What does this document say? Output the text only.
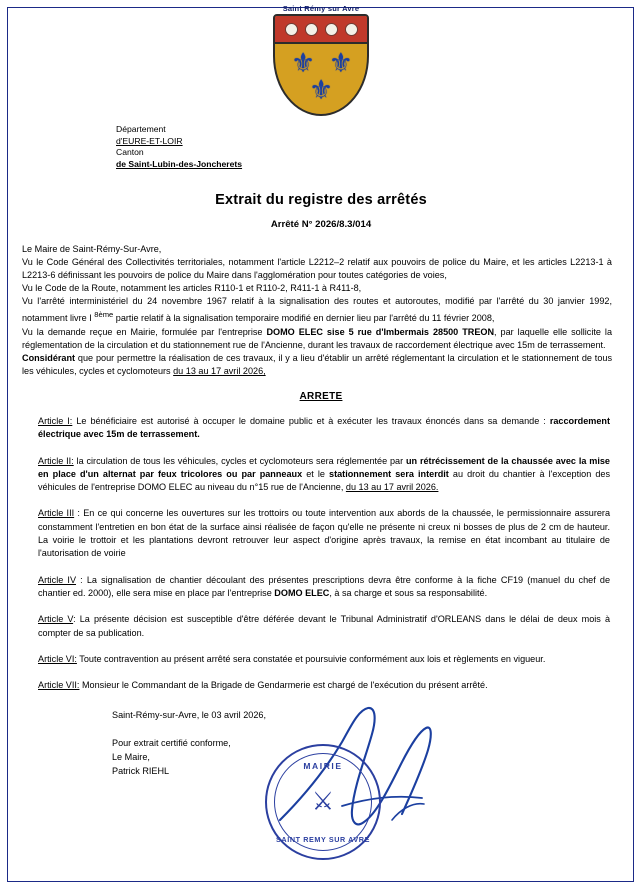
Saint Rémy sur Avre
⚜ ⚜
⚜
Département
d'EURE-ET-LOIR
Canton
de Saint-Lubin-des-Joncherets
Extrait du registre des arrêtés
Arrêté N° 2026/8.3/014

Le Maire de Saint-Rémy-Sur-Avre,

Vu le Code Général des Collectivités territoriales, notamment l'article L2212–2 relatif aux pouvoirs de police du Maire, et les articles L2213-1 à L2213-6 définissant les pouvoirs de police du Maire dans l'agglomération pour toutes catégories de voies,

Vu le Code de la Route, notamment les articles R110-1 et R110-2, R411-1 à R411-8,

Vu l'arrêté interministériel du 24 novembre 1967 relatif à la signalisation des routes et autoroutes, modifié par l'arrêté du 30 janvier 1992, notamment livre I $^{8ème}$ partie relatif à la signalisation temporaire modifié en dernier lieu par l'arrêté du 11 février 2008,

Vu la demande reçue en Mairie, formulée par l'entreprise DOMO ELEC sise 5 rue d'Imbermais 28500 TREON, par laquelle elle sollicite la réglementation de la circulation et du stationnement rue de l'Ancienne, durant les travaux de raccordement électrique avec 15m de terrassement.

Considérant que pour permettre la réalisation de ces travaux, il y a lieu d'établir un arrêté réglementant la circulation et le stationnement de tous les véhicules, cycles et cyclomoteurs du 13 au 17 avril 2026,

ARRETE
Article I: Le bénéficiaire est autorisé à occuper le domaine public et à exécuter les travaux énoncés dans sa demande : raccordement électrique avec 15m de terrassement.
Article II: la circulation de tous les véhicules, cycles et cyclomoteurs sera réglementée par un rétrécissement de la chaussée avec la mise en place d'un alternat par feux tricolores ou par panneaux et le stationnement sera interdit au droit du chantier à l'exception des véhicules de l'entreprise DOMO ELEC au niveau du n°15 rue de l'Ancienne, du 13 au 17 avril 2026.
Article III : En ce qui concerne les ouvertures sur les trottoirs ou toute intervention aux abords de la chaussée, le permissionnaire assurera constamment l'entretien en bon état de la surface ainsi réalisée de façon qu'elle ne présente ni creux ni bosses de plus de 2 cm de hauteur. La voirie le trottoir et les plantations devront retrouver leur aspect d'origine après travaux, la remise en état incombant au titulaire de l'autorisation de voirie
Article IV : La signalisation de chantier découlant des présentes prescriptions devra être conforme à la fiche CF19 (manuel du chef de chantier ed. 2000), elle sera mise en place par l'entreprise DOMO ELEC, à sa charge et sous sa responsabilité.
Article V: La présente décision est susceptible d'être déférée devant le Tribunal Administratif d'ORLEANS dans le délai de deux mois à compter de sa publication.
Article VI: Toute contravention au présent arrêté sera constatée et poursuivie conformément aux lois et règlements en vigueur.
Article VII: Monsieur le Commandant de la Brigade de Gendarmerie est chargé de l'exécution du présent arrêté.
Saint-Rémy-sur-Avre, le 03 avril 2026,
Pour extrait certifié conforme,
Le Maire,
Patrick RIEHL	MAIRIE
⚔
SAINT REMY SUR AVRE
